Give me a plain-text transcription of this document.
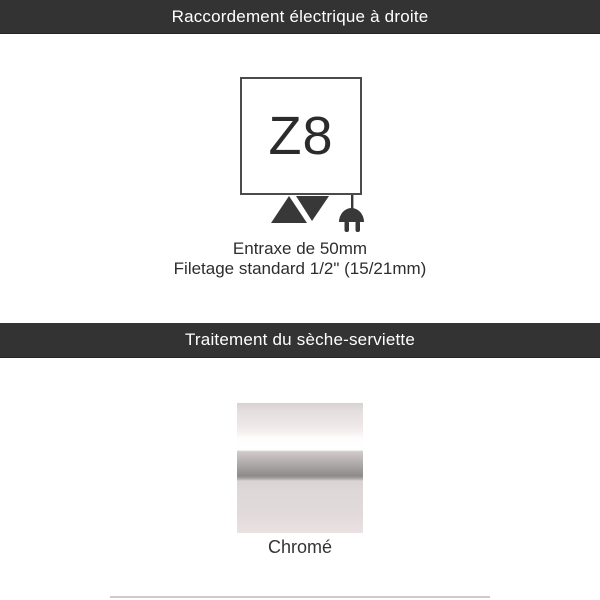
Raccordement électrique à droite
Z8

Entraxe de 50mm

Filetage standard 1/2" (15/21mm)

Traitement du sèche-serviette
Chromé
